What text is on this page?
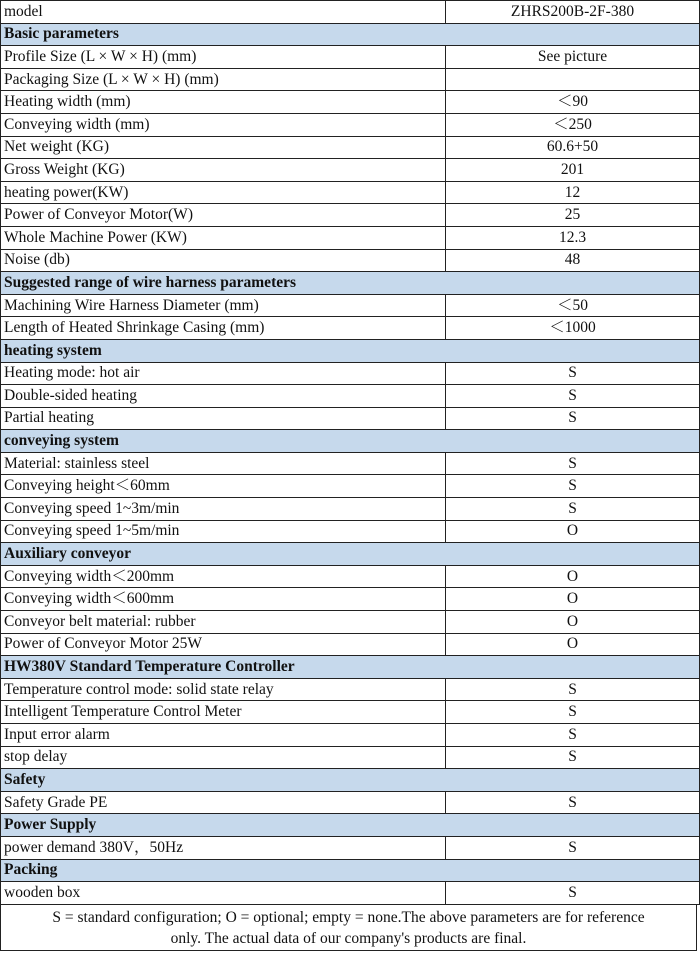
model	ZHRS200B-2F-380
Basic parameters	
Profile Size (L × W × H) (mm)	See picture
Packaging Size (L × W × H) (mm)	
Heating width (mm)	＜90
Conveying width (mm)	＜250
Net weight (KG)	60.6+50
Gross Weight (KG)	201
heating power(KW)	12
Power of Conveyor Motor(W)	25
Whole Machine Power (KW)	12.3
Noise (db)	48
Suggested range of wire harness parameters	
Machining Wire Harness Diameter (mm)	＜50
Length of Heated Shrinkage Casing (mm)	＜1000
heating system	
Heating mode: hot air	S
Double-sided heating	S
Partial heating	S
conveying system	
Material: stainless steel	S
Conveying height＜60mm	S
Conveying speed 1~3m/min	S
Conveying speed 1~5m/min	O
Auxiliary conveyor	
Conveying width＜200mm	O
Conveying width＜600mm	O
Conveyor belt material: rubber	O
Power of Conveyor Motor 25W	O
HW380V Standard Temperature Controller	
Temperature control mode: solid state relay	S
Intelligent Temperature Control Meter	S
Input error alarm	S
stop delay	S
Safety	
Safety Grade PE	S
Power Supply	
power demand 380V，50Hz	S
Packing	
wooden box	S
S = standard configuration; O = optional; empty = none.The above parameters are for reference
only. The actual data of our company's products are final.
